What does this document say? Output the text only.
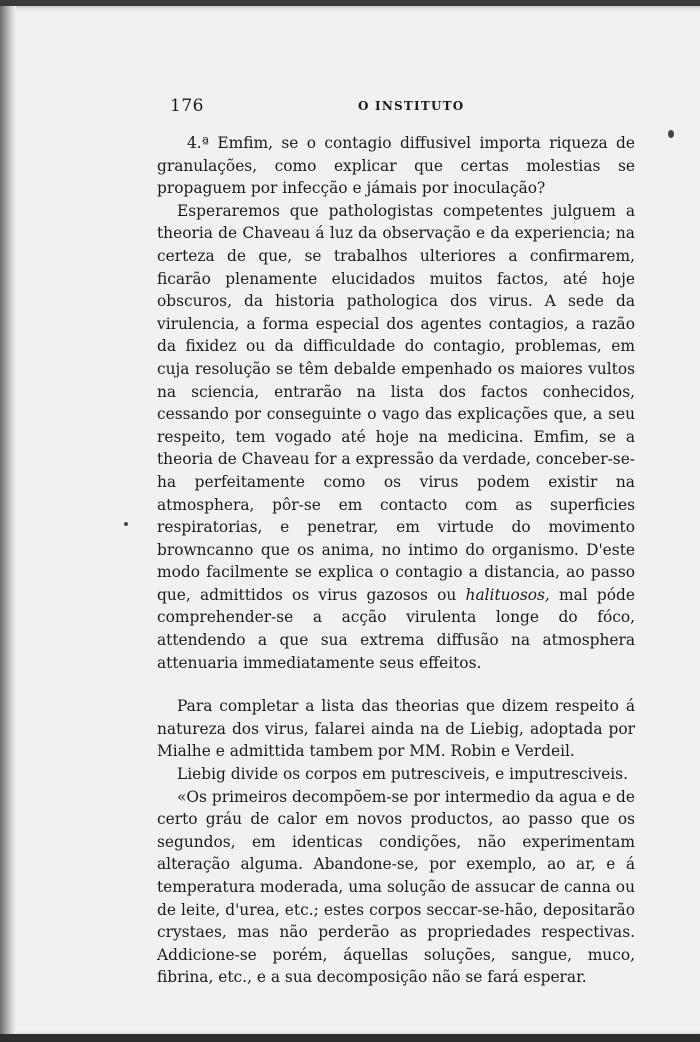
176	O INSTITUTO

4.ª Emfim, se o contagio diffusivel importa riqueza de granulações, como explicar que certas molestias se propaguem por infecção e jámais por inoculação?

Esperaremos que pathologistas competentes julguem a theoria de Chaveau á luz da observação e da experiencia; na certeza de que, se trabalhos ulteriores a confirmarem, ficarão plenamente elucidados muitos factos, até hoje obscuros, da historia pathologica dos virus. A sede da virulencia, a forma especial dos agentes contagios, a razão da fixidez ou da difficuldade do contagio, problemas, em cuja resolução se têm debalde empenhado os maiores vultos na sciencia, entrarão na lista dos factos conhecidos, cessando por conseguinte o vago das explicações que, a seu respeito, tem vogado até hoje na medicina. Emfim, se a theoria de Chaveau for a expressão da verdade, conceber-se-ha perfeitamente como os virus podem existir na atmosphera, pôr-se em contacto com as superficies respiratorias, e penetrar, em virtude do movimento browncanno que os anima, no intimo do organismo. D'este modo facilmente se explica o contagio a distancia, ao passo que, admittidos os virus gazosos ou halituosos, mal póde comprehender-se a acção virulenta longe do fóco, attendendo a que sua extrema diffusão na atmosphera attenuaria immediatamente seus effeitos.

Para completar a lista das theorias que dizem respeito á natureza dos virus, falarei ainda na de Liebig, adoptada por Mialhe e admittida tambem por MM. Robin e Verdeil.

Liebig divide os corpos em putresciveis, e imputresciveis.

«Os primeiros decompõem-se por intermedio da agua e de certo gráu de calor em novos productos, ao passo que os segundos, em identicas condições, não experimentam alteração alguma. Abandone-se, por exemplo, ao ar, e á temperatura moderada, uma solução de assucar de canna ou de leite, d'urea, etc.; estes corpos seccar-se-hão, depositarão crystaes, mas não perderão as propriedades respectivas. Addicione-se porém, áquellas soluções, sangue, muco, fibrina, etc., e a sua decomposição não se fará esperar.
